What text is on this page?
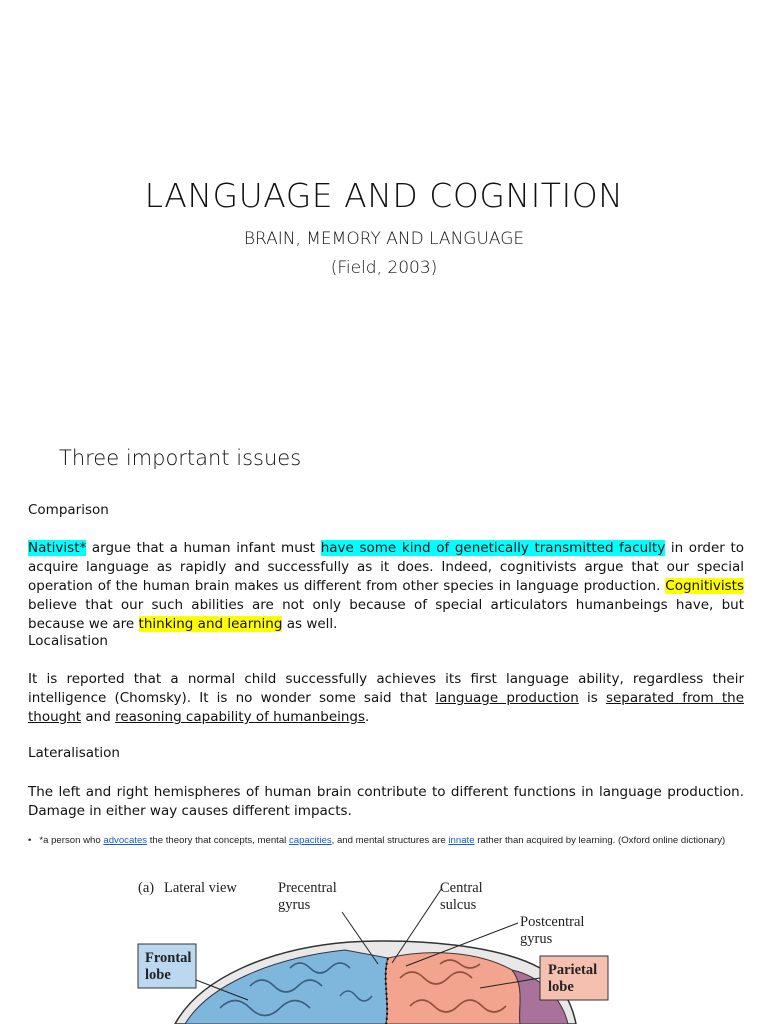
LANGUAGE AND COGNITION
BRAIN, MEMORY AND LANGUAGE
(Field, 2003)
Three important issues
Comparison
Nativist* argue that a human infant must have some kind of genetically transmitted faculty in order to acquire language as rapidly and successfully as it does. Indeed, cognitivists argue that our special operation of the human brain makes us different from other species in language production. Cognitivists believe that our such abilities are not only because of special articulators humanbeings have, but because we are thinking and learning as well.
Localisation
It is reported that a normal child successfully achieves its first language ability, regardless their intelligence (Chomsky). It is no wonder some said that language production is separated from the thought and reasoning capability of humanbeings.
Lateralisation
The left and right hemispheres of human brain contribute to different functions in language production. Damage in either way causes different impacts.
• *a person who advocates the theory that concepts, mental capacities, and mental structures are innate rather than acquired by learning. (Oxford online dictionary)
(a) Lateral view	Precentral
gyrus
Central
sulcus
Postcentral
gyrus
Frontal
lobe	Parietal
lobe
